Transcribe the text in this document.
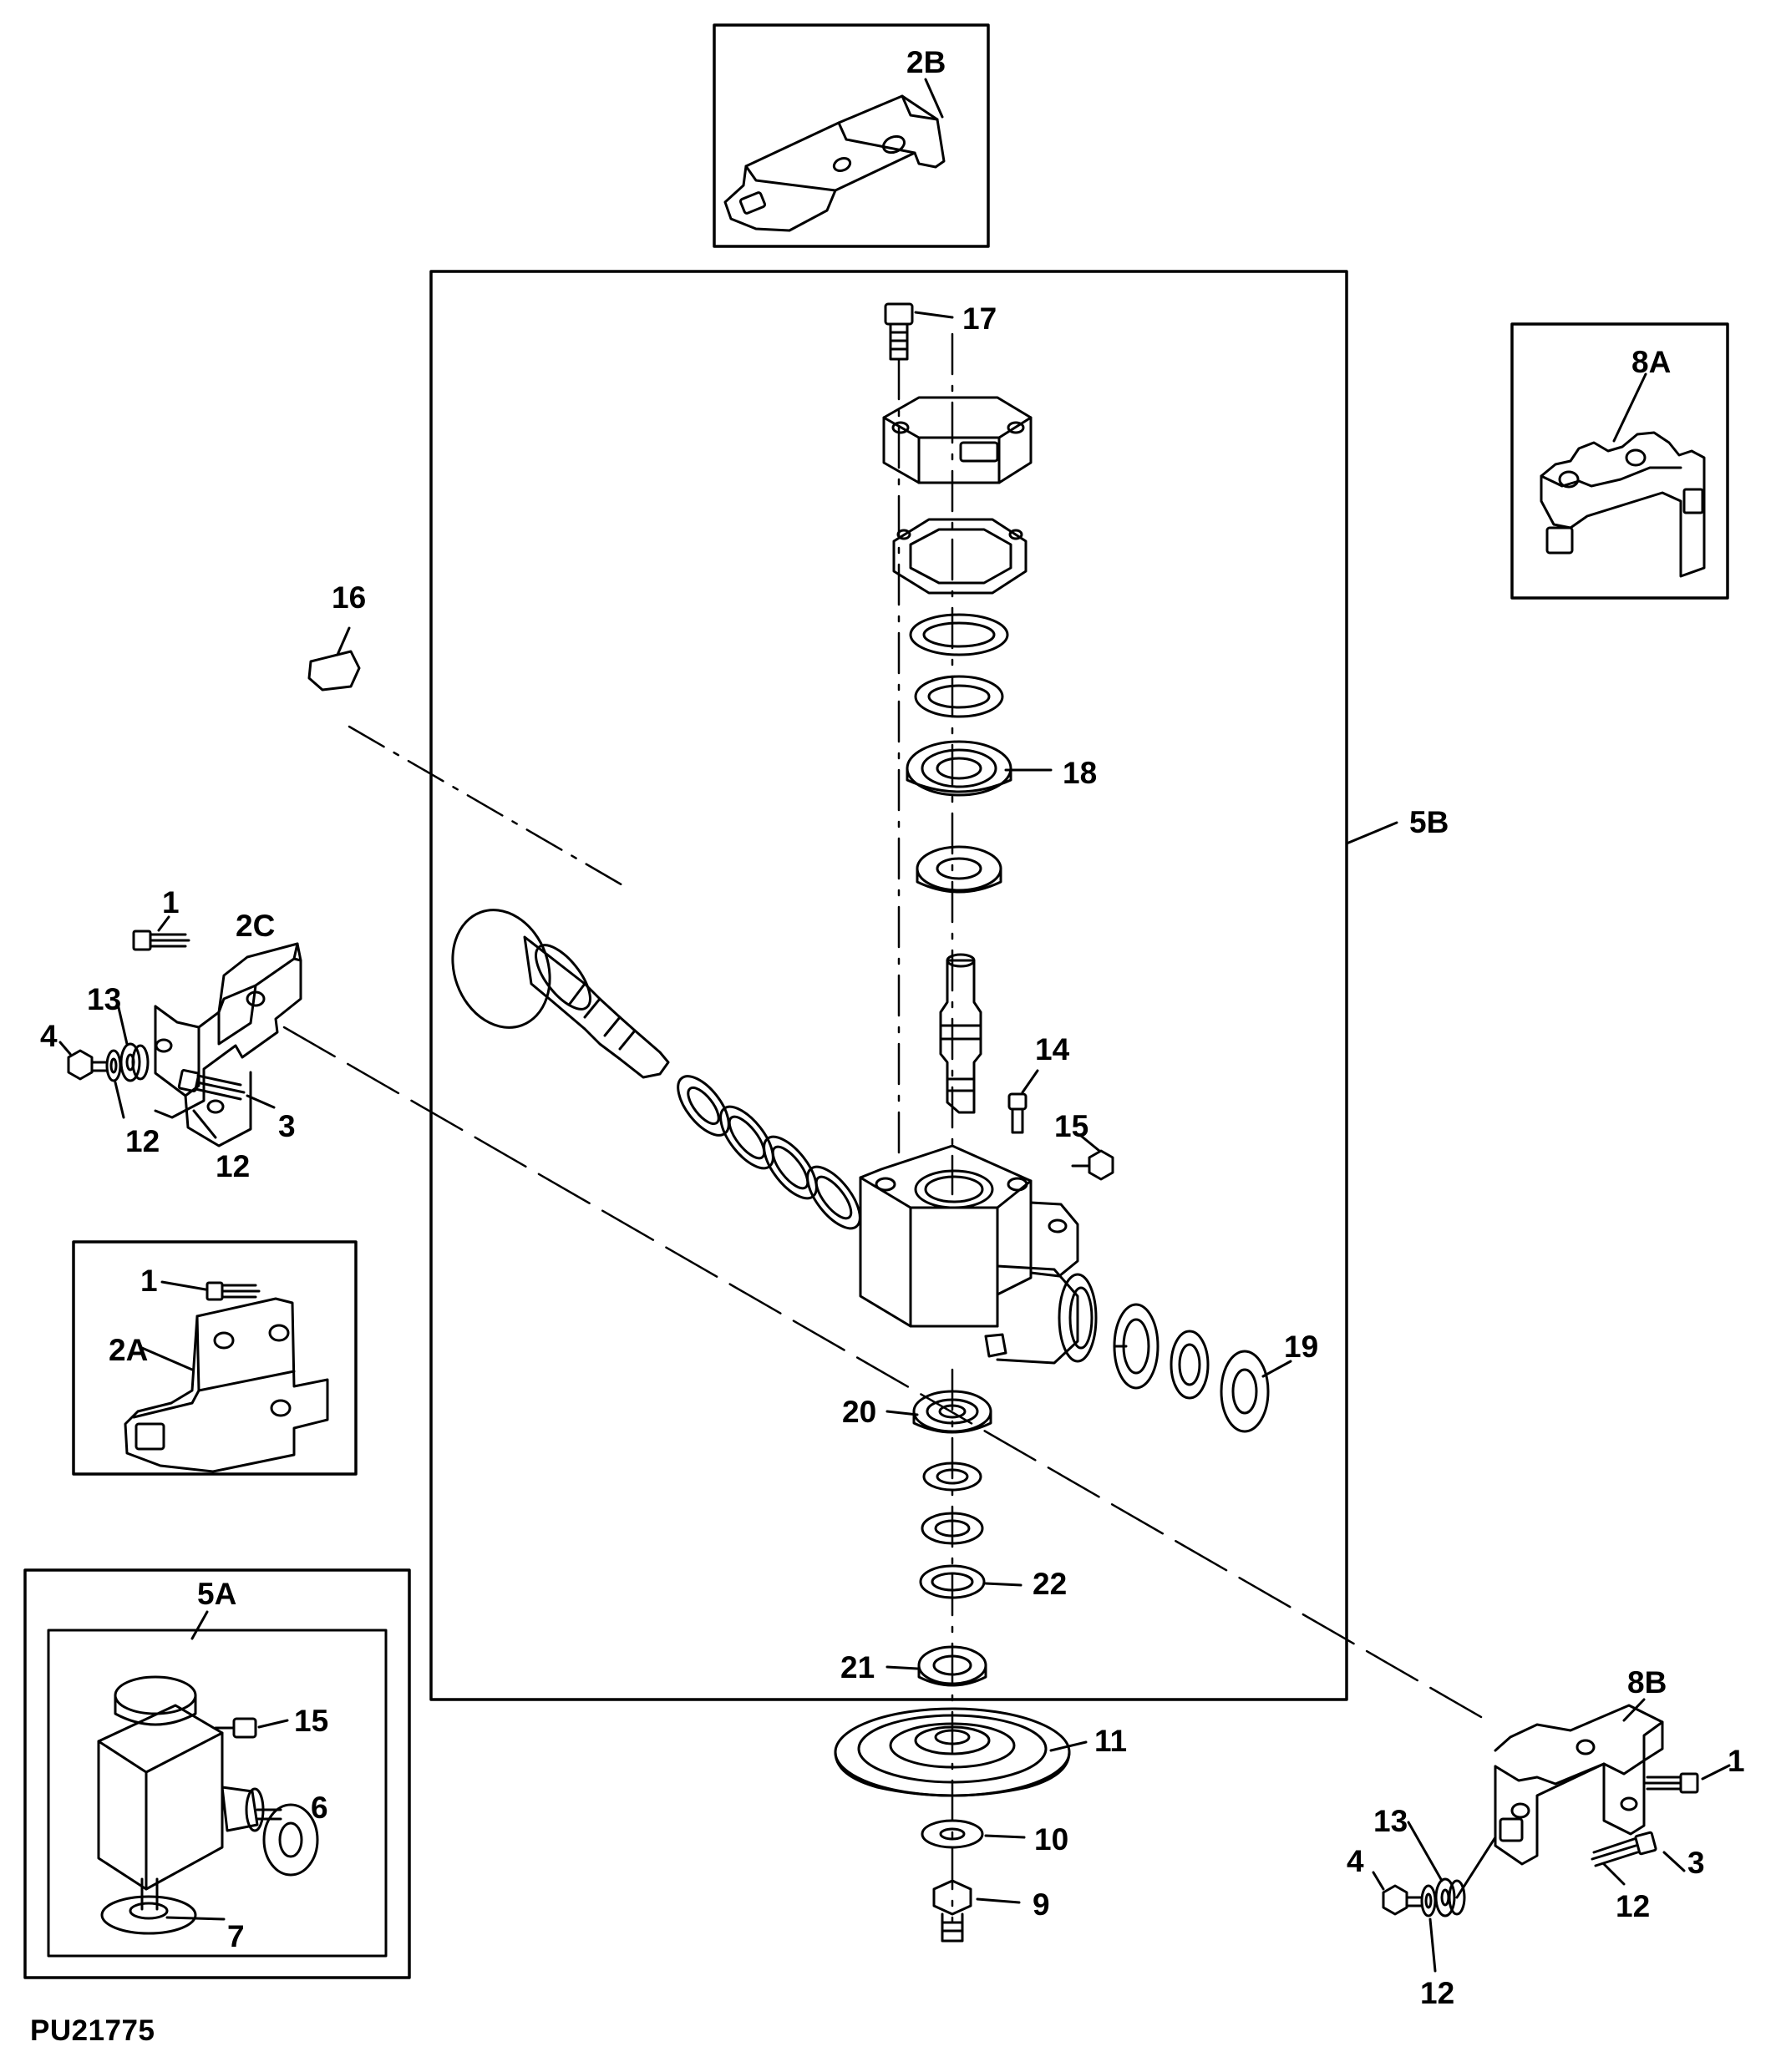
2B
17
8A
16
18
5B
1
2C
13
4	14
15
3
12
12
1
2A	19
20
22
5A
21
15
8B
11
1
6	13
10
4	3
9
7
12
12
PU21775
